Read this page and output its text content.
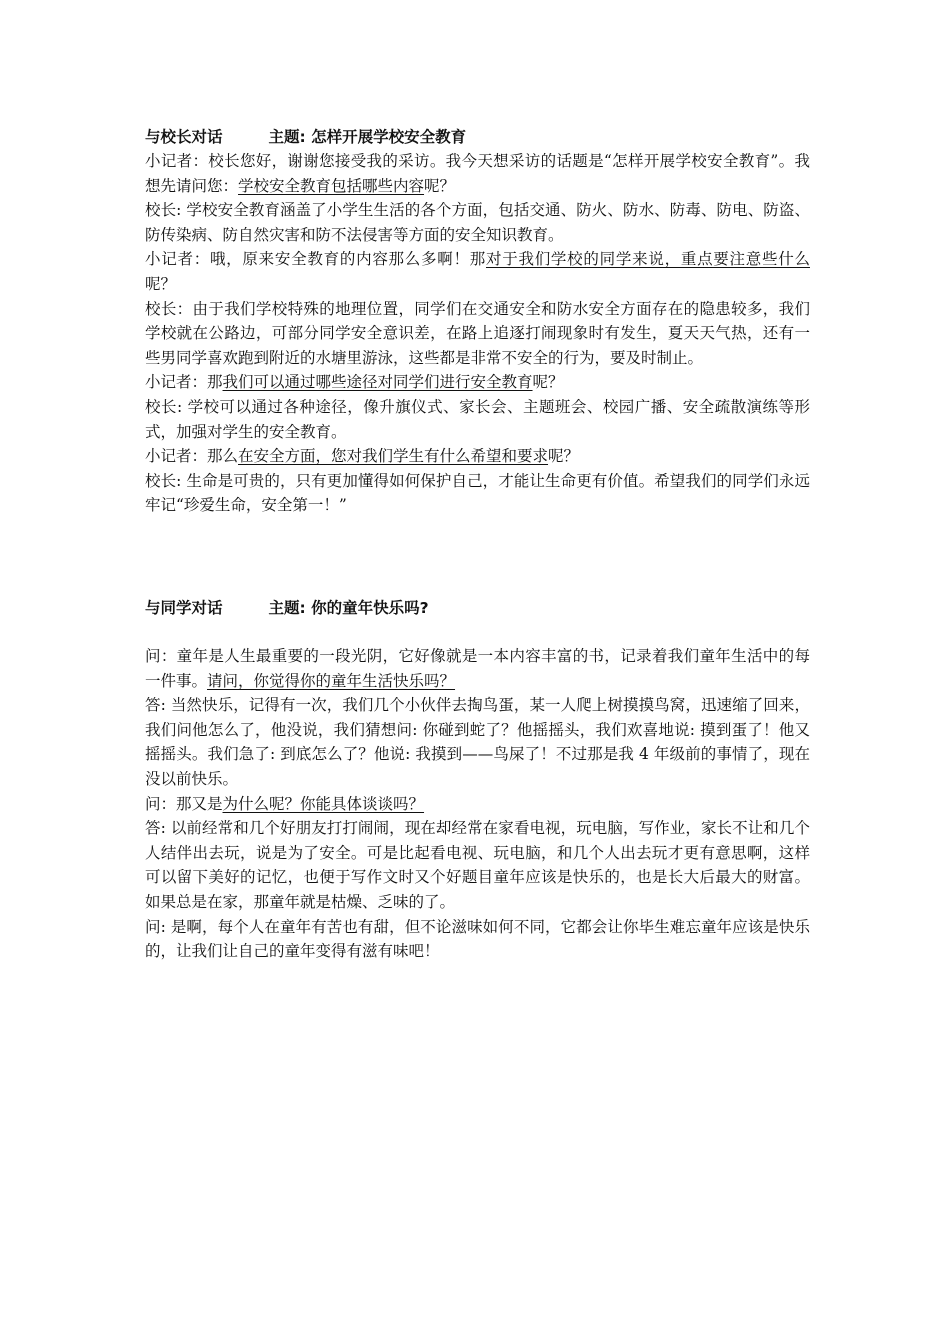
与校长对话	主题: 怎样开展学校安全教育
小记者：校长您好，谢谢您接受我的采访。我今天想采访的话题是“怎样开展学校安全教育”。我想先请问您：学校安全教育包括哪些内容呢？
校长: 学校安全教育涵盖了小学生生活的各个方面，包括交通、防火、防水、防毒、防电、防盗、防传染病、防自然灾害和防不法侵害等方面的安全知识教育。
小记者：哦，原来安全教育的内容那么多啊！那对于我们学校的同学来说，重点要注意些什么呢？
校长：由于我们学校特殊的地理位置，同学们在交通安全和防水安全方面存在的隐患较多，我们学校就在公路边，可部分同学安全意识差，在路上追逐打闹现象时有发生，夏天天气热，还有一些男同学喜欢跑到附近的水塘里游泳，这些都是非常不安全的行为，要及时制止。
小记者：那我们可以通过哪些途径对同学们进行安全教育呢？
校长: 学校可以通过各种途径，像升旗仪式、家长会、主题班会、校园广播、安全疏散演练等形式，加强对学生的安全教育。
小记者：那么在安全方面，您对我们学生有什么希望和要求呢？
校长: 生命是可贵的，只有更加懂得如何保护自己，才能让生命更有价值。希望我们的同学们永远牢记“珍爱生命，安全第一！”
与同学对话	主题: 你的童年快乐吗?
问：童年是人生最重要的一段光阴，它好像就是一本内容丰富的书，记录着我们童年生活中的每一件事。请问，你觉得你的童年生活快乐吗？
答: 当然快乐，记得有一次，我们几个小伙伴去掏鸟蛋，某一人爬上树摸摸鸟窝，迅速缩了回来，我们问他怎么了，他没说，我们猜想问: 你碰到蛇了？他摇摇头，我们欢喜地说: 摸到蛋了！他又摇摇头。我们急了: 到底怎么了？他说: 我摸到——鸟屎了！不过那是我 4 年级前的事情了，现在没以前快乐。
问：那又是为什么呢？你能具体谈谈吗？
答: 以前经常和几个好朋友打打闹闹，现在却经常在家看电视，玩电脑，写作业，家长不让和几个人结伴出去玩，说是为了安全。可是比起看电视、玩电脑，和几个人出去玩才更有意思啊，这样可以留下美好的记忆，也便于写作文时又个好题目童年应该是快乐的，也是长大后最大的财富。如果总是在家，那童年就是枯燥、乏味的了。
问: 是啊，每个人在童年有苦也有甜，但不论滋味如何不同，它都会让你毕生难忘童年应该是快乐的，让我们让自己的童年变得有滋有味吧！
